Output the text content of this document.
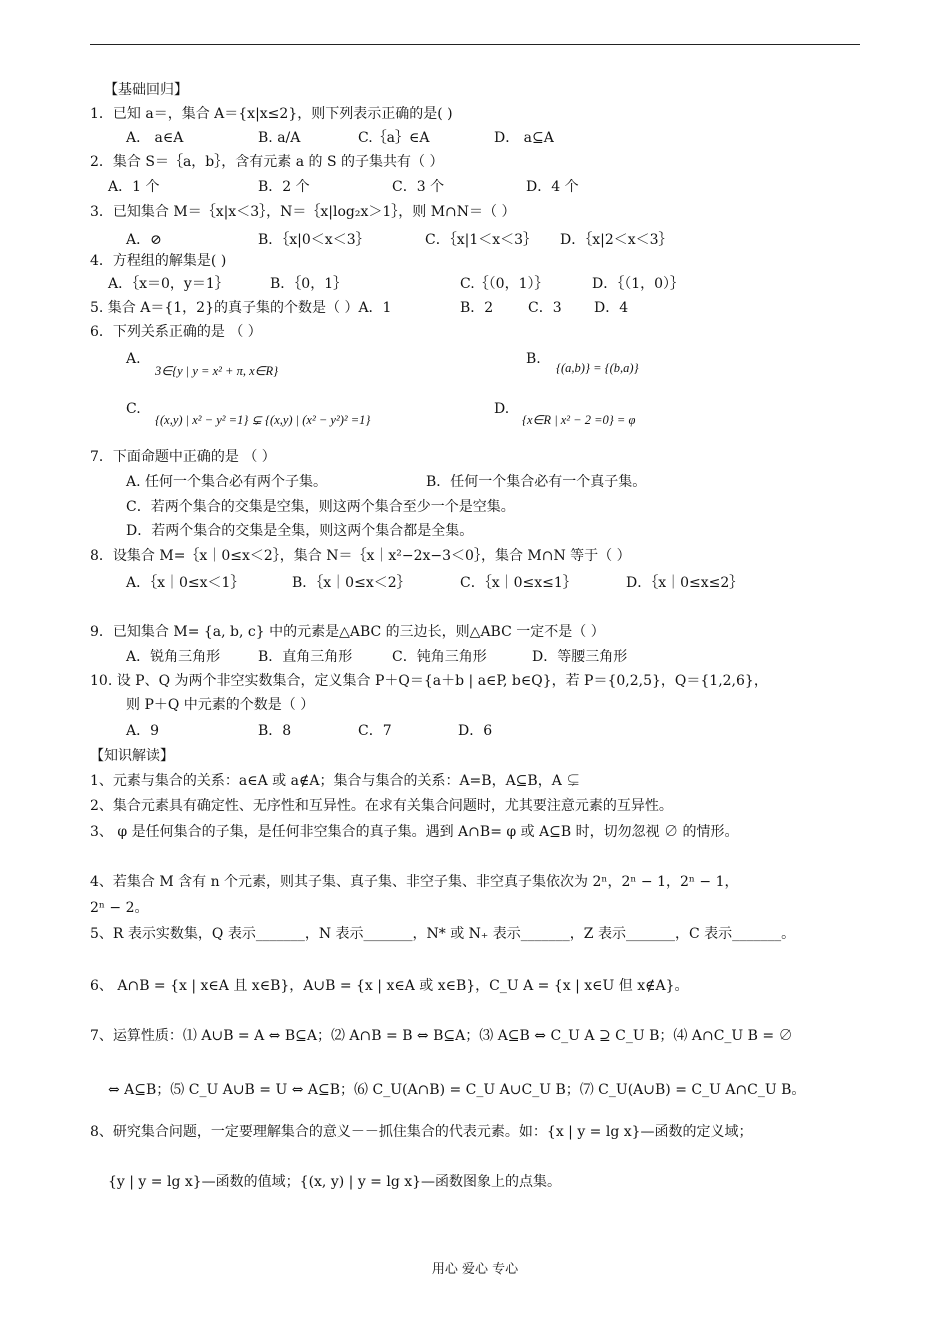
【基础回归】
1．已知 a＝，集合 A＝{x|x≤2}，则下列表示正确的是( )
A． a∈A	B. a/A	C.｛a｝∈A	D． a⊆A
2．集合 S＝｛a，b｝，含有元素 a 的 S 的子集共有（ ）
A．1 个	B．2 个	C．3 个	D．4 个
3．已知集合 M＝｛x|x＜3｝，N＝｛x|log₂x＞1｝，则 M∩N＝（ ）
A．⊘	B．｛x|0＜x＜3｝	C．｛x|1＜x＜3｝ D．｛x|2＜x＜3｝
4．方程组的解集是( )
A．｛x＝0，y＝1｝	B．｛0，1｝	C.｛（0，1）｝	D．｛（1，0）｝
5. 集合 A＝{1，2}的真子集的个数是（ ）A．1	B．2 C．3 D．4
6．下列关系正确的是 （ ）
A.
3∈{y | y = x² + π, x∈R}
B.
{(a,b)} = {(b,a)}
C.
{(x,y) | x² − y² =1} ⊊ {(x,y) | (x² − y²)² =1}
D.
{x∈R | x² − 2 =0} = φ
7．下面命题中正确的是 （ ）
A. 任何一个集合必有两个子集。	B．任何一个集合必有一个真子集。
C．若两个集合的交集是空集，则这两个集合至少一个是空集。
D．若两个集合的交集是全集，则这两个集合都是全集。
8．设集合 M=｛x｜0≤x＜2｝，集合 N＝｛x｜x²−2x−3＜0｝，集合 M∩N 等于（ ）
A．｛x｜0≤x＜1｝	B．｛x｜0≤x＜2｝	C．｛x｜0≤x≤1｝	D．｛x｜0≤x≤2｝
9．已知集合 M= {a, b, c} 中的元素是△ABC 的三边长，则△ABC 一定不是（ ）
A．锐角三角形	B．直角三角形	C．钝角三角形	D．等腰三角形
10. 设 P、Q 为两个非空实数集合，定义集合 P＋Q＝{a＋b | a∈P, b∈Q}，若 P＝{0,2,5}，Q＝{1,2,6}，
则 P＋Q 中元素的个数是（ ）
A．9	B．8	C．7	D．6
【知识解读】
1、元素与集合的关系：a∈A 或 a∉A；集合与集合的关系：A=B，A⊆B，A ⊊
2、集合元素具有确定性、无序性和互异性。在求有关集合问题时，尤其要注意元素的互异性。
3、 φ 是任何集合的子集，是任何非空集合的真子集。遇到 A∩B= φ 或 A⊆B 时，切勿忽视 ∅ 的情形。
4、若集合 M 含有 n 个元素，则其子集、真子集、非空子集、非空真子集依次为 2ⁿ，2ⁿ − 1，2ⁿ − 1，
2ⁿ − 2。
5、R 表示实数集，Q 表示_______，N 表示_______，N* 或 N₊ 表示_______，Z 表示_______，C 表示_______。
6、 A∩B = {x | x∈A 且 x∈B}，A∪B = {x | x∈A 或 x∈B}，C_U A = {x | x∈U 但 x∉A}。
7、运算性质：⑴ A∪B = A ⇔ B⊆A；⑵ A∩B = B ⇔ B⊆A；⑶ A⊆B ⇔ C_U A ⊇ C_U B；⑷ A∩C_U B = ∅
⇔ A⊆B；⑸ C_U A∪B = U ⇔ A⊆B；⑹ C_U(A∩B) = C_U A∪C_U B；⑺ C_U(A∪B) = C_U A∩C_U B。
8、研究集合问题，一定要理解集合的意义－－抓住集合的代表元素。如：{x | y = lg x}—函数的定义域；
{y | y = lg x}—函数的值域；{(x, y) | y = lg x}—函数图象上的点集。
用心 爱心 专心
